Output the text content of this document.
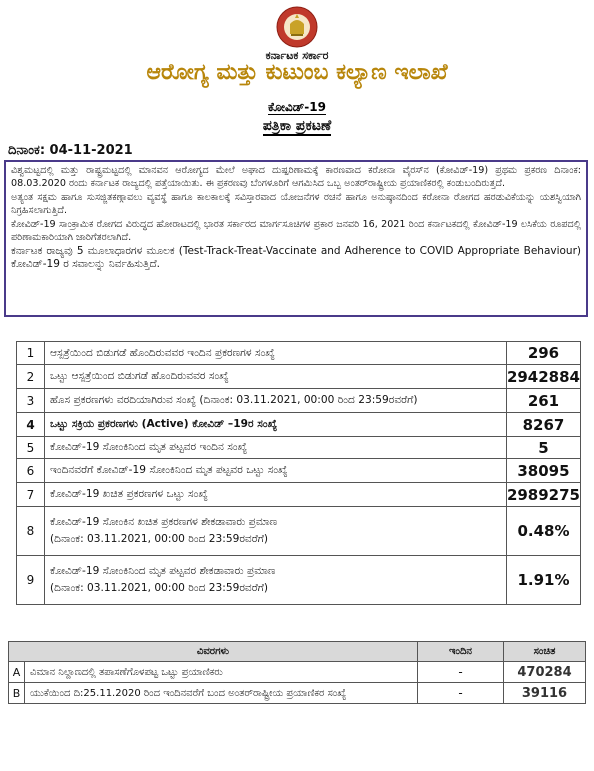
ಕರ್ನಾಟಕ ಸರ್ಕಾರ
ಆರೋಗ್ಯ ಮತ್ತು ಕುಟುಂಬ ಕಲ್ಯಾಣ ಇಲಾಖೆ
ಕೋವಿಡ್-19
ಪತ್ರಿಕಾ ಪ್ರಕಟಣೆ
ದಿನಾಂಕ: 04-11-2021

ವಿಶ್ವಮಟ್ಟದಲ್ಲಿ ಮತ್ತು ರಾಷ್ಟ್ರಮಟ್ಟದಲ್ಲಿ ಮಾನವನ ಆರೋಗ್ಯದ ಮೇಲೆ ಅಘಾದ ದುಷ್ಪರಿಣಾಮಕ್ಕೆ ಕಾರಣವಾದ ಕರೋನಾ ವೈರಸ್‌ನ (ಕೋವಿಡ್-19) ಪ್ರಥಮ ಪ್ರಕರಣ ದಿನಾಂಕ: 08.03.2020 ರಂದು ಕರ್ನಾಟಕ ರಾಜ್ಯದಲ್ಲಿ ಪತ್ತೆಯಾಯಿತು. ಈ ಪ್ರಕರಣವು ಬೆಂಗಳೂರಿಗೆ ಆಗಮಿಸಿದ ಒಬ್ಬ ಅಂತರ್‌ರಾಷ್ಟ್ರೀಯ ಪ್ರಯಾಣಿಕರಲ್ಲಿ ಕಂಡುಬಂದಿರುತ್ತದೆ.

ಅತ್ಯಂತ ಸಕ್ಷಮ ಹಾಗೂ ಸುಸಜ್ಜಿತಕಣ್ಗಾವಲು ವ್ಯವಸ್ಥೆ ಹಾಗೂ ಕಾಲಕಾಲಕ್ಕೆ ಸವಿಸ್ತಾರವಾದ ಯೋಜನೆಗಳ ರಚನೆ ಹಾಗೂ ಅನುಷ್ಠಾನದಿಂದ ಕರೋನಾ ರೋಗದ ಹರಡುವಿಕೆಯನ್ನು ಯಶಸ್ವಿಯಾಗಿ ನಿಗ್ರಹಿಸಲಾಗುತ್ತಿದೆ.

ಕೋವಿಡ್-19 ಸಾಂಕ್ರಾಮಿಕ ರೋಗದ ವಿರುದ್ಧದ ಹೋರಾಟದಲ್ಲಿ ಭಾರತ ಸರ್ಕಾರದ ಮಾರ್ಗಸೂಚಿಗಳ ಪ್ರಕಾರ ಜನವರಿ 16, 2021 ರಿಂದ ಕರ್ನಾಟಕದಲ್ಲಿ ಕೋವಿಡ್-19 ಲಸಿಕೆಯ ರೂಪದಲ್ಲಿ ಪರಿಣಾಮಕಾರಿಯಾಗಿ ಜಾರಿಗೆತರಲಾಗಿದೆ.

ಕರ್ನಾಟಕ ರಾಜ್ಯವು 5 ಮೂಲಾಧಾರಗಳ ಮೂಲಕ (Test-Track-Treat-Vaccinate and Adherence to COVID Appropriate Behaviour) ಕೋವಿಡ್-19 ರ ಸವಾಲನ್ನು ನಿರ್ವಹಿಸುತ್ತಿದೆ.

1	ಆಸ್ಪತ್ರೆಯಿಂದ ಬಿಡುಗಡೆ ಹೊಂದಿರುವವರ ಇಂದಿನ ಪ್ರಕರಣಗಳ ಸಂಖ್ಯೆ	296
2	ಒಟ್ಟು ಆಸ್ಪತ್ರೆಯಿಂದ ಬಿಡುಗಡೆ ಹೊಂದಿರುವವರ ಸಂಖ್ಯೆ	2942884
3	ಹೊಸ ಪ್ರಕರಣಗಳು ವರದಿಯಾಗಿರುವ ಸಂಖ್ಯೆ (ದಿನಾಂಕ: 03.11.2021, 00:00 ರಿಂದ 23:59ರವರೆಗೆ)	261
4	ಒಟ್ಟು ಸಕ್ರಿಯ ಪ್ರಕರಣಗಳು (Active) ಕೋವಿಡ್ –19ರ ಸಂಖ್ಯೆ	8267
5	ಕೋವಿಡ್-19 ಸೋಂಕಿನಿಂದ ಮೃತ ಪಟ್ಟವರ ಇಂದಿನ ಸಂಖ್ಯೆ	5
6	ಇಂದಿನವರೆಗೆ ಕೋವಿಡ್-19 ಸೋಂಕಿನಿಂದ ಮೃತ ಪಟ್ಟವರ ಒಟ್ಟು ಸಂಖ್ಯೆ	38095
7	ಕೋವಿಡ್-19 ಖಚಿತ ಪ್ರಕರಣಗಳ ಒಟ್ಟು ಸಂಖ್ಯೆ	2989275
8	ಕೋವಿಡ್-19 ಸೋಂಕಿನ ಖಚಿತ ಪ್ರಕರಣಗಳ ಶೇಕಡಾವಾರು ಪ್ರಮಾಣ
(ದಿನಾಂಕ: 03.11.2021, 00:00 ರಿಂದ 23:59ರವರೆಗೆ)	0.48%
9	ಕೋವಿಡ್-19 ಸೋಂಕಿನಿಂದ ಮೃತ ಪಟ್ಟವರ ಶೇಕಡಾವಾರು ಪ್ರಮಾಣ
(ದಿನಾಂಕ: 03.11.2021, 00:00 ರಿಂದ 23:59ರವರೆಗೆ)	1.91%
ವಿವರಗಳು		ಇಂದಿನ	ಸಂಚಿತ
A	ವಿಮಾನ ನಿಲ್ದಾಣದಲ್ಲಿ ತಪಾಸಣೆಗೊಳಪಟ್ಟ ಒಟ್ಟು ಪ್ರಯಾಣಿಕರು	-	470284
B	ಯುಕೆಯಿಂದ ದಿ:25.11.2020 ರಿಂದ ಇಂದಿನವರೆಗೆ ಬಂದ ಅಂತರ್‌ರಾಷ್ಟ್ರೀಯ ಪ್ರಯಾಣಿಕರ ಸಂಖ್ಯೆ	-	39116
